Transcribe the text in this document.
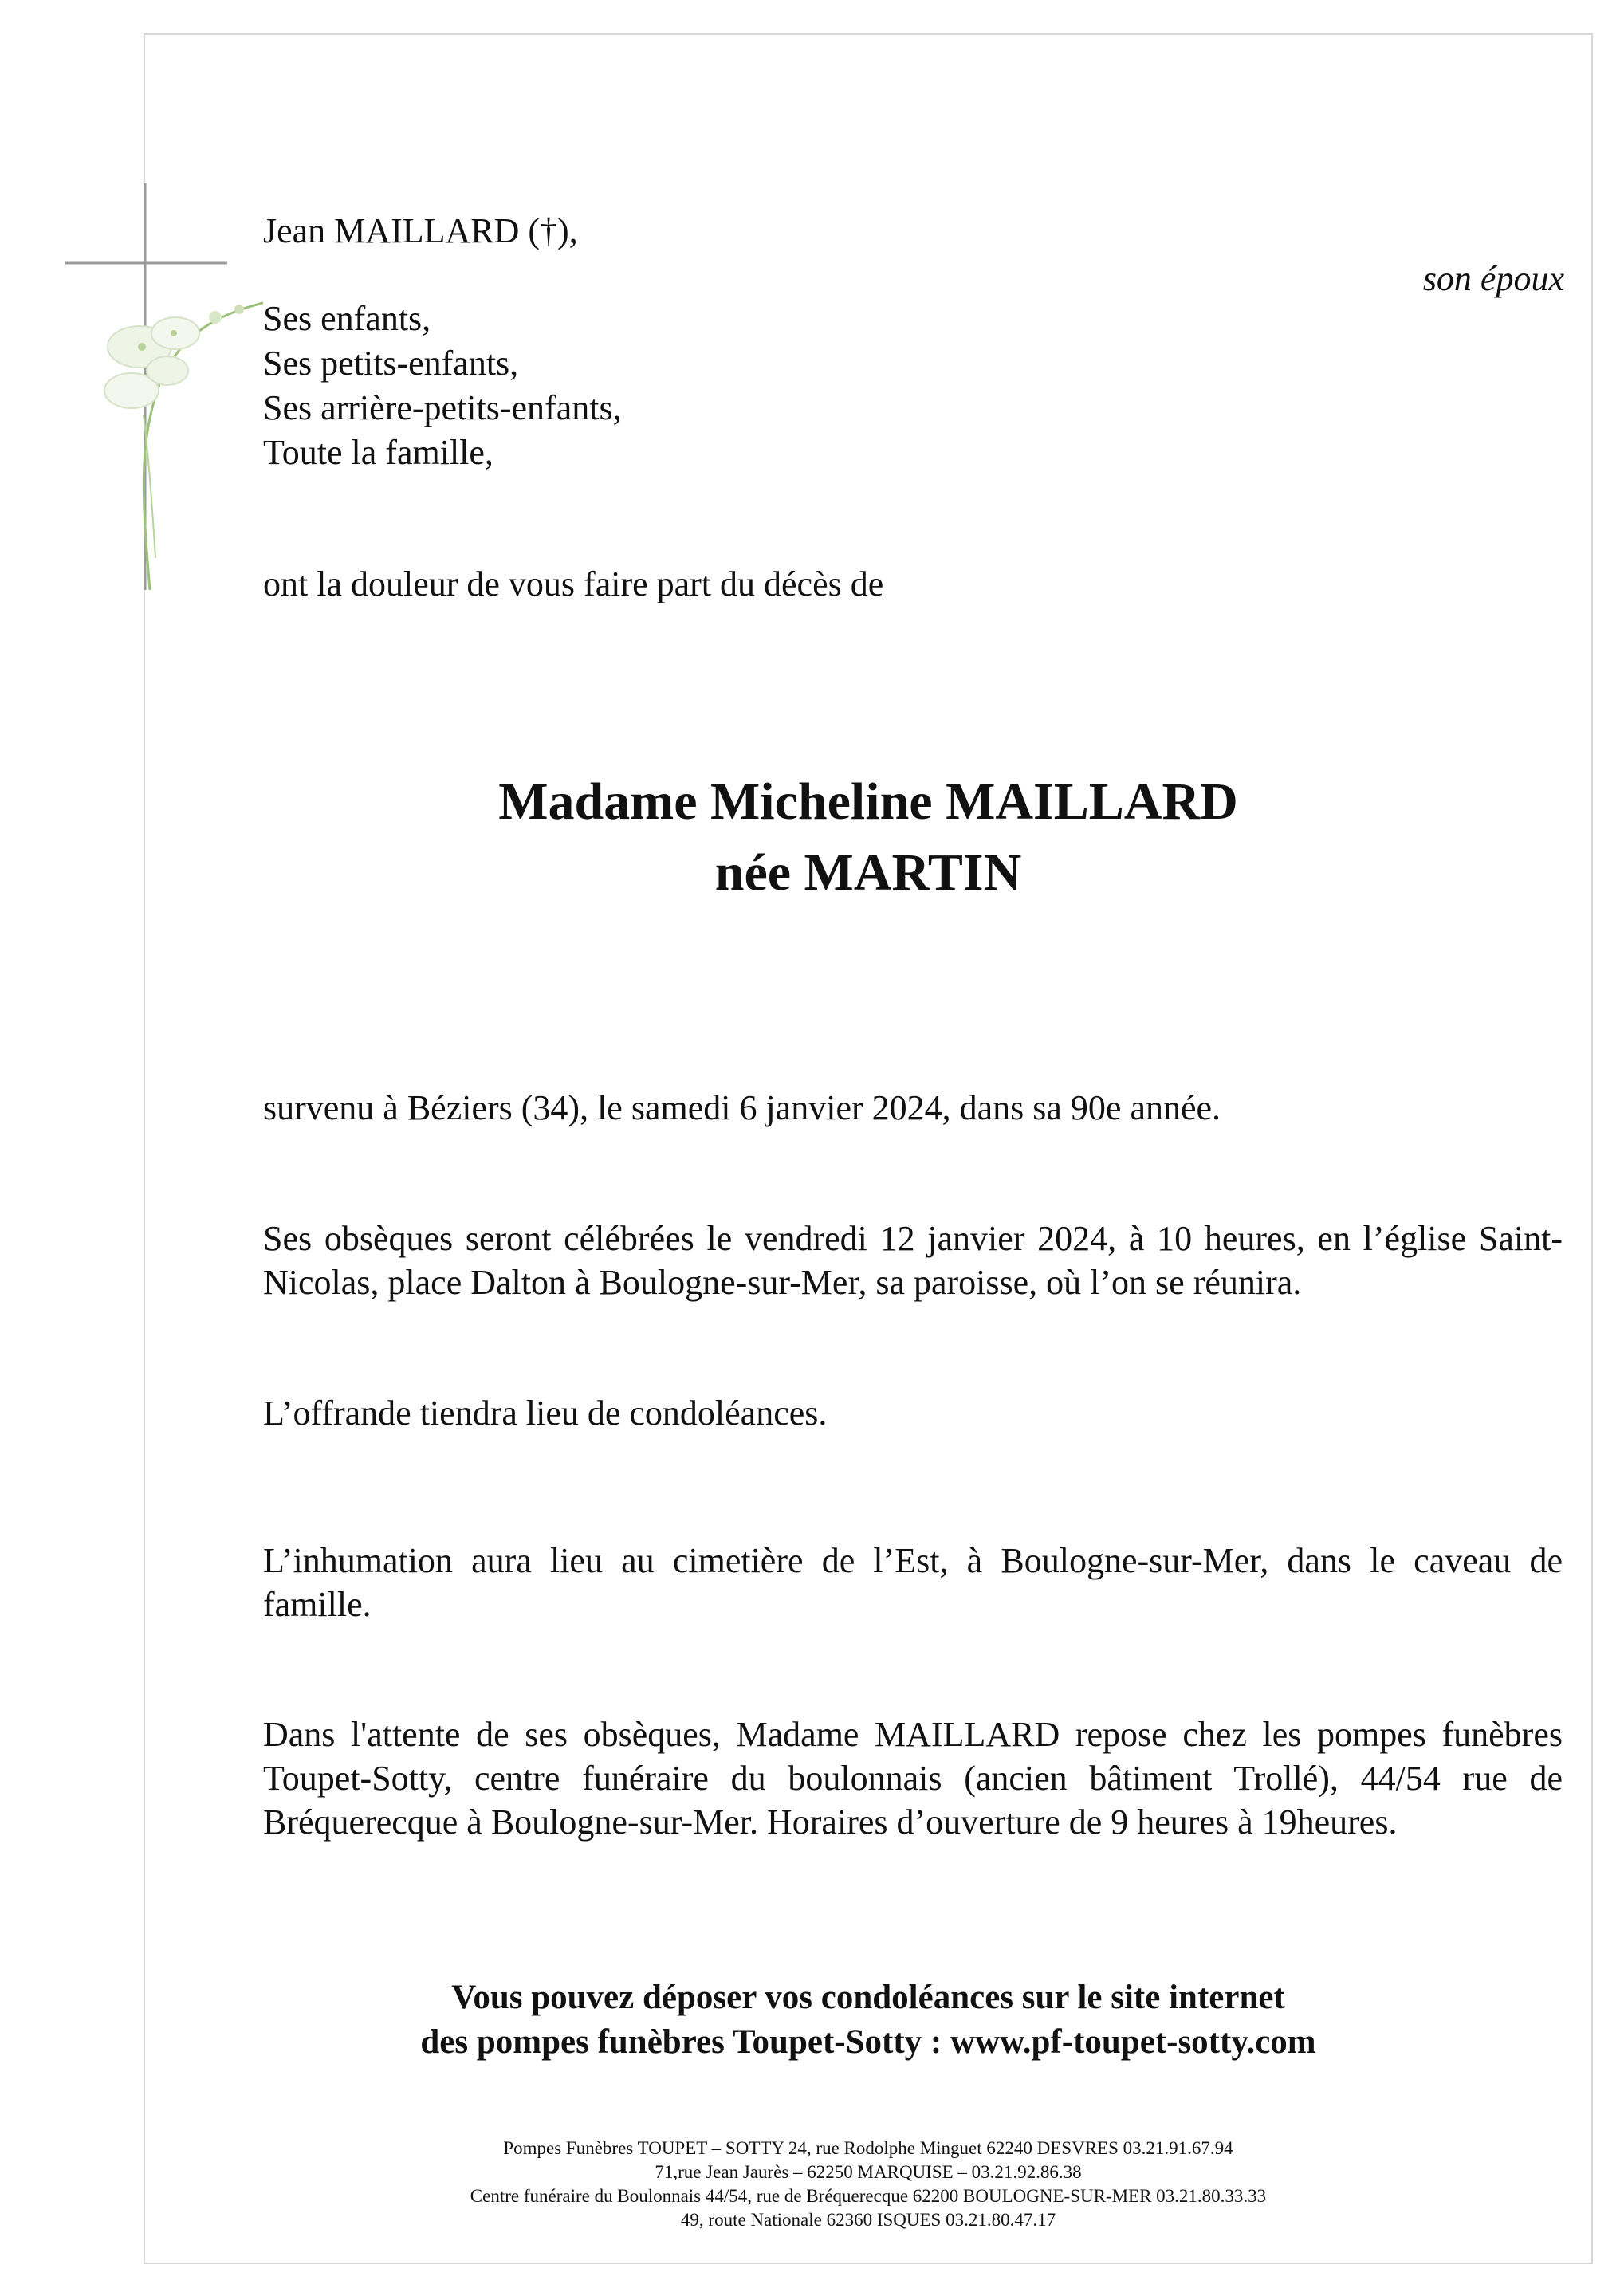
Jean MAILLARD (†),
son époux
Ses enfants,
Ses petits-enfants,
Ses arrière-petits-enfants,
Toute la famille,
ont la douleur de vous faire part du décès de
Madame Micheline MAILLARD
née MARTIN
survenu à Béziers (34), le samedi 6 janvier 2024, dans sa 90e année.
Ses obsèques seront célébrées le vendredi 12 janvier 2024, à 10 heures, en l’église Saint-Nicolas, place Dalton à Boulogne-sur-Mer, sa paroisse, où l’on se réunira.
L’offrande tiendra lieu de condoléances.
L’inhumation aura lieu au cimetière de l’Est, à Boulogne-sur-Mer, dans le caveau de famille.
Dans l'attente de ses obsèques, Madame MAILLARD repose chez les pompes funèbres Toupet-Sotty, centre funéraire du boulonnais (ancien bâtiment Trollé), 44/54 rue de Bréquerecque à Boulogne-sur-Mer. Horaires d’ouverture de 9 heures à 19heures.
Vous pouvez déposer vos condoléances sur le site internet
des pompes funèbres Toupet-Sotty : www.pf-toupet-sotty.com
Pompes Funèbres TOUPET – SOTTY 24, rue Rodolphe Minguet 62240 DESVRES 03.21.91.67.94
71,rue Jean Jaurès – 62250 MARQUISE – 03.21.92.86.38
Centre funéraire du Boulonnais 44/54, rue de Bréquerecque 62200 BOULOGNE-SUR-MER 03.21.80.33.33
49, route Nationale 62360 ISQUES 03.21.80.47.17
